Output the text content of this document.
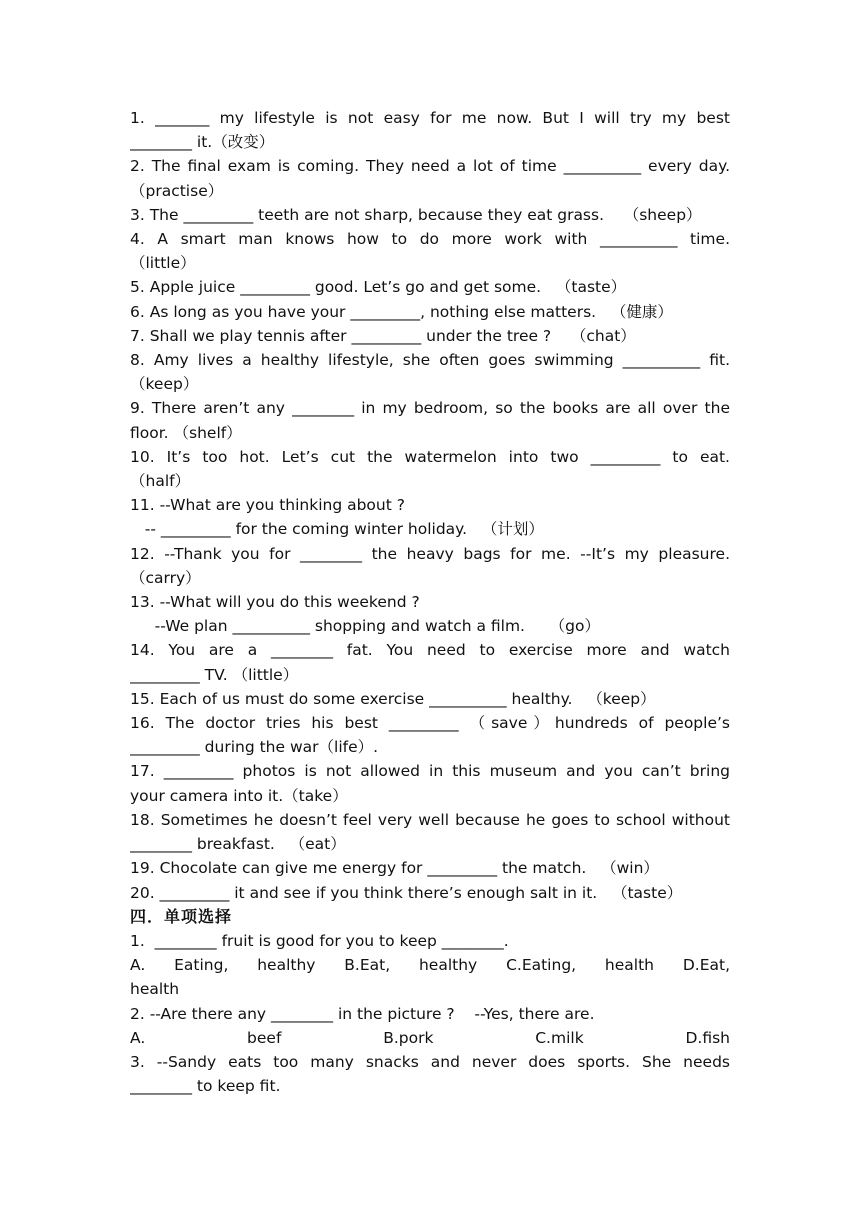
1. _______ my lifestyle is not easy for me now. But I will try my best
________ it.（改变）
2. The final exam is coming. They need a lot of time __________ every day.
（practise）
3. The _________ teeth are not sharp, because they eat grass.    （sheep）
4. A smart man knows how to do more work with __________ time.
（little）
5. Apple juice _________ good. Let’s go and get some.   （taste）
6. As long as you have your _________, nothing else matters.   （健康）
7. Shall we play tennis after _________ under the tree ?    （chat）
8. Amy lives a healthy lifestyle, she often goes swimming __________ fit.
（keep）
9. There aren’t any ________ in my bedroom, so the books are all over the
floor. （shelf）
10. It’s too hot. Let’s cut the watermelon into two _________ to eat.
（half）
11. --What are you thinking about ?
-- _________ for the coming winter holiday.   （计划）
12. --Thank you for ________ the heavy bags for me. --It’s my pleasure.
（carry）
13. --What will you do this weekend ?
--We plan __________ shopping and watch a film.     （go）
14. You are a ________ fat. You need to exercise more and watch
_________ TV. （little）
15. Each of us must do some exercise __________ healthy.   （keep）
16. The doctor tries his best _________ （save）hundreds of people’s
_________ during the war（life）.
17. _________ photos is not allowed in this museum and you can’t bring
your camera into it.（take）
18. Sometimes he doesn’t feel very well because he goes to school without
________ breakfast.   （eat）
19. Chocolate can give me energy for _________ the match.   （win）
20. _________ it and see if you think there’s enough salt in it.   （taste）
四．单项选择
1.  ________ fruit is good for you to keep ________.
A. Eating, healthy B.Eat, healthy C.Eating, health D.Eat,
health
2. --Are there any ________ in the picture ?    --Yes, there are.
A. beef B.pork C.milk D.fish
3. --Sandy eats too many snacks and never does sports. She needs
________ to keep fit.
